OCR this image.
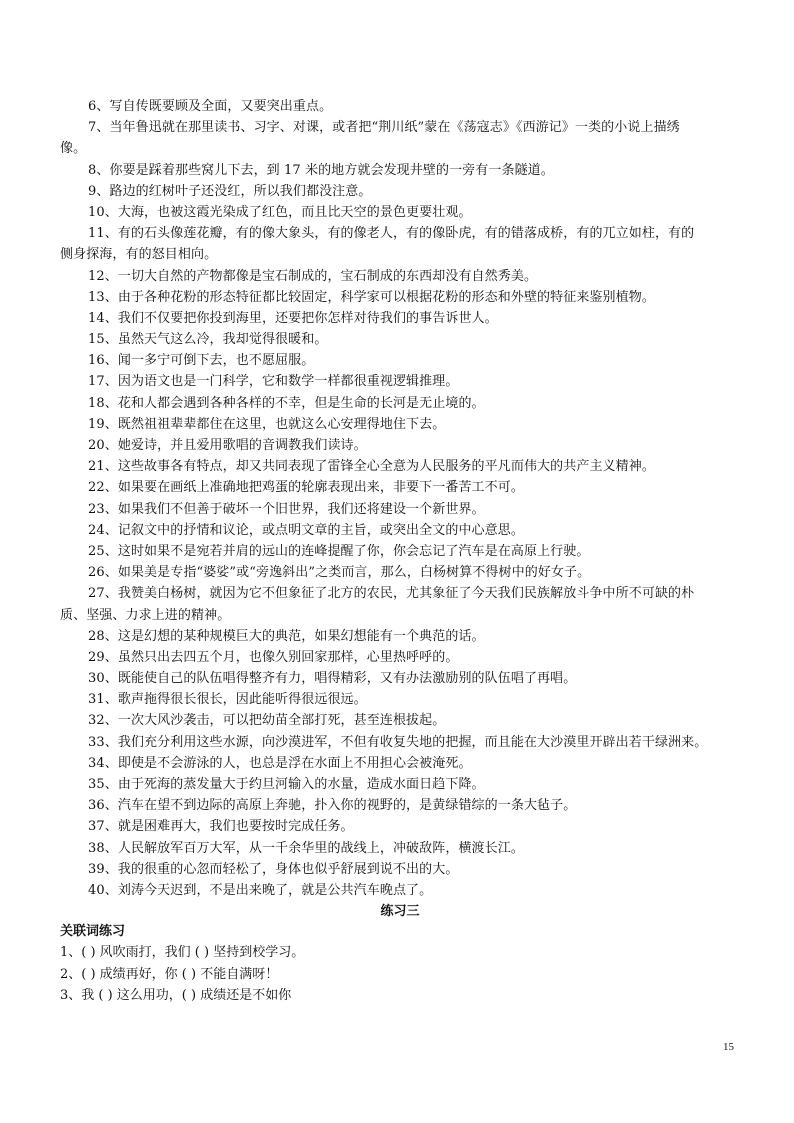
6、写自传既要顾及全面，又要突出重点。
7、当年鲁迅就在那里读书、习字、对课，或者把“荆川纸”蒙在《荡寇志》《西游记》一类的小说上描绣
像。
8、你要是踩着那些窝儿下去，到 17 米的地方就会发现井壁的一旁有一条隧道。
9、路边的红树叶子还没红，所以我们都没注意。
10、大海，也被这霞光染成了红色，而且比天空的景色更要壮观。
11、有的石头像莲花瓣，有的像大象头，有的像老人，有的像卧虎，有的错落成桥，有的兀立如柱，有的
侧身探海，有的怒目相向。
12、一切大自然的产物都像是宝石制成的，宝石制成的东西却没有自然秀美。
13、由于各种花粉的形态特征都比较固定，科学家可以根据花粉的形态和外壁的特征来鉴别植物。
14、我们不仅要把你投到海里，还要把你怎样对待我们的事告诉世人。
15、虽然天气这么冷，我却觉得很暖和。
16、闻一多宁可倒下去，也不愿屈服。
17、因为语文也是一门科学，它和数学一样都很重视逻辑推理。
18、花和人都会遇到各种各样的不幸，但是生命的长河是无止境的。
19、既然祖祖辈辈都住在这里，也就这么心安理得地住下去。
20、她爱诗，并且爱用歌唱的音调教我们读诗。
21、这些故事各有特点，却又共同表现了雷锋全心全意为人民服务的平凡而伟大的共产主义精神。
22、如果要在画纸上准确地把鸡蛋的轮廓表现出来，非要下一番苦工不可。
23、如果我们不但善于破坏一个旧世界，我们还将建设一个新世界。
24、记叙文中的抒情和议论，或点明文章的主旨，或突出全文的中心意思。
25、这时如果不是宛若并肩的远山的连峰提醒了你，你会忘记了汽车是在高原上行驶。
26、如果美是专指“婆娑”或“旁逸斜出”之类而言，那么，白杨树算不得树中的好女子。
27、我赞美白杨树，就因为它不但象征了北方的农民，尤其象征了今天我们民族解放斗争中所不可缺的朴
质、坚强、力求上进的精神。
28、这是幻想的某种规模巨大的典范，如果幻想能有一个典范的话。
29、虽然只出去四五个月，也像久别回家那样，心里热呼呼的。
30、既能使自己的队伍唱得整齐有力，唱得精彩，又有办法激励别的队伍唱了再唱。
31、歌声拖得很长很长，因此能听得很远很远。
32、一次大风沙袭击，可以把幼苗全部打死，甚至连根拔起。
33、我们充分利用这些水源，向沙漠进军，不但有收复失地的把握，而且能在大沙漠里开辟出若干绿洲来。
34、即使是不会游泳的人，也总是浮在水面上不用担心会被淹死。
35、由于死海的蒸发量大于约旦河输入的水量，造成水面日趋下降。
36、汽车在望不到边际的高原上奔驰，扑入你的视野的，是黄绿错综的一条大毡子。
37、就是困难再大，我们也要按时完成任务。
38、人民解放军百万大军，从一千余华里的战线上，冲破敌阵，横渡长江。
39、我的很重的心忽而轻松了，身体也似乎舒展到说不出的大。
40、刘涛今天迟到，不是出来晚了，就是公共汽车晚点了。
练习三
关联词练习
1、( ) 风吹雨打，我们 ( ) 坚持到校学习。
2、( ) 成绩再好，你 ( ) 不能自满呀！
3、我 ( ) 这么用功，( ) 成绩还是不如你
15
